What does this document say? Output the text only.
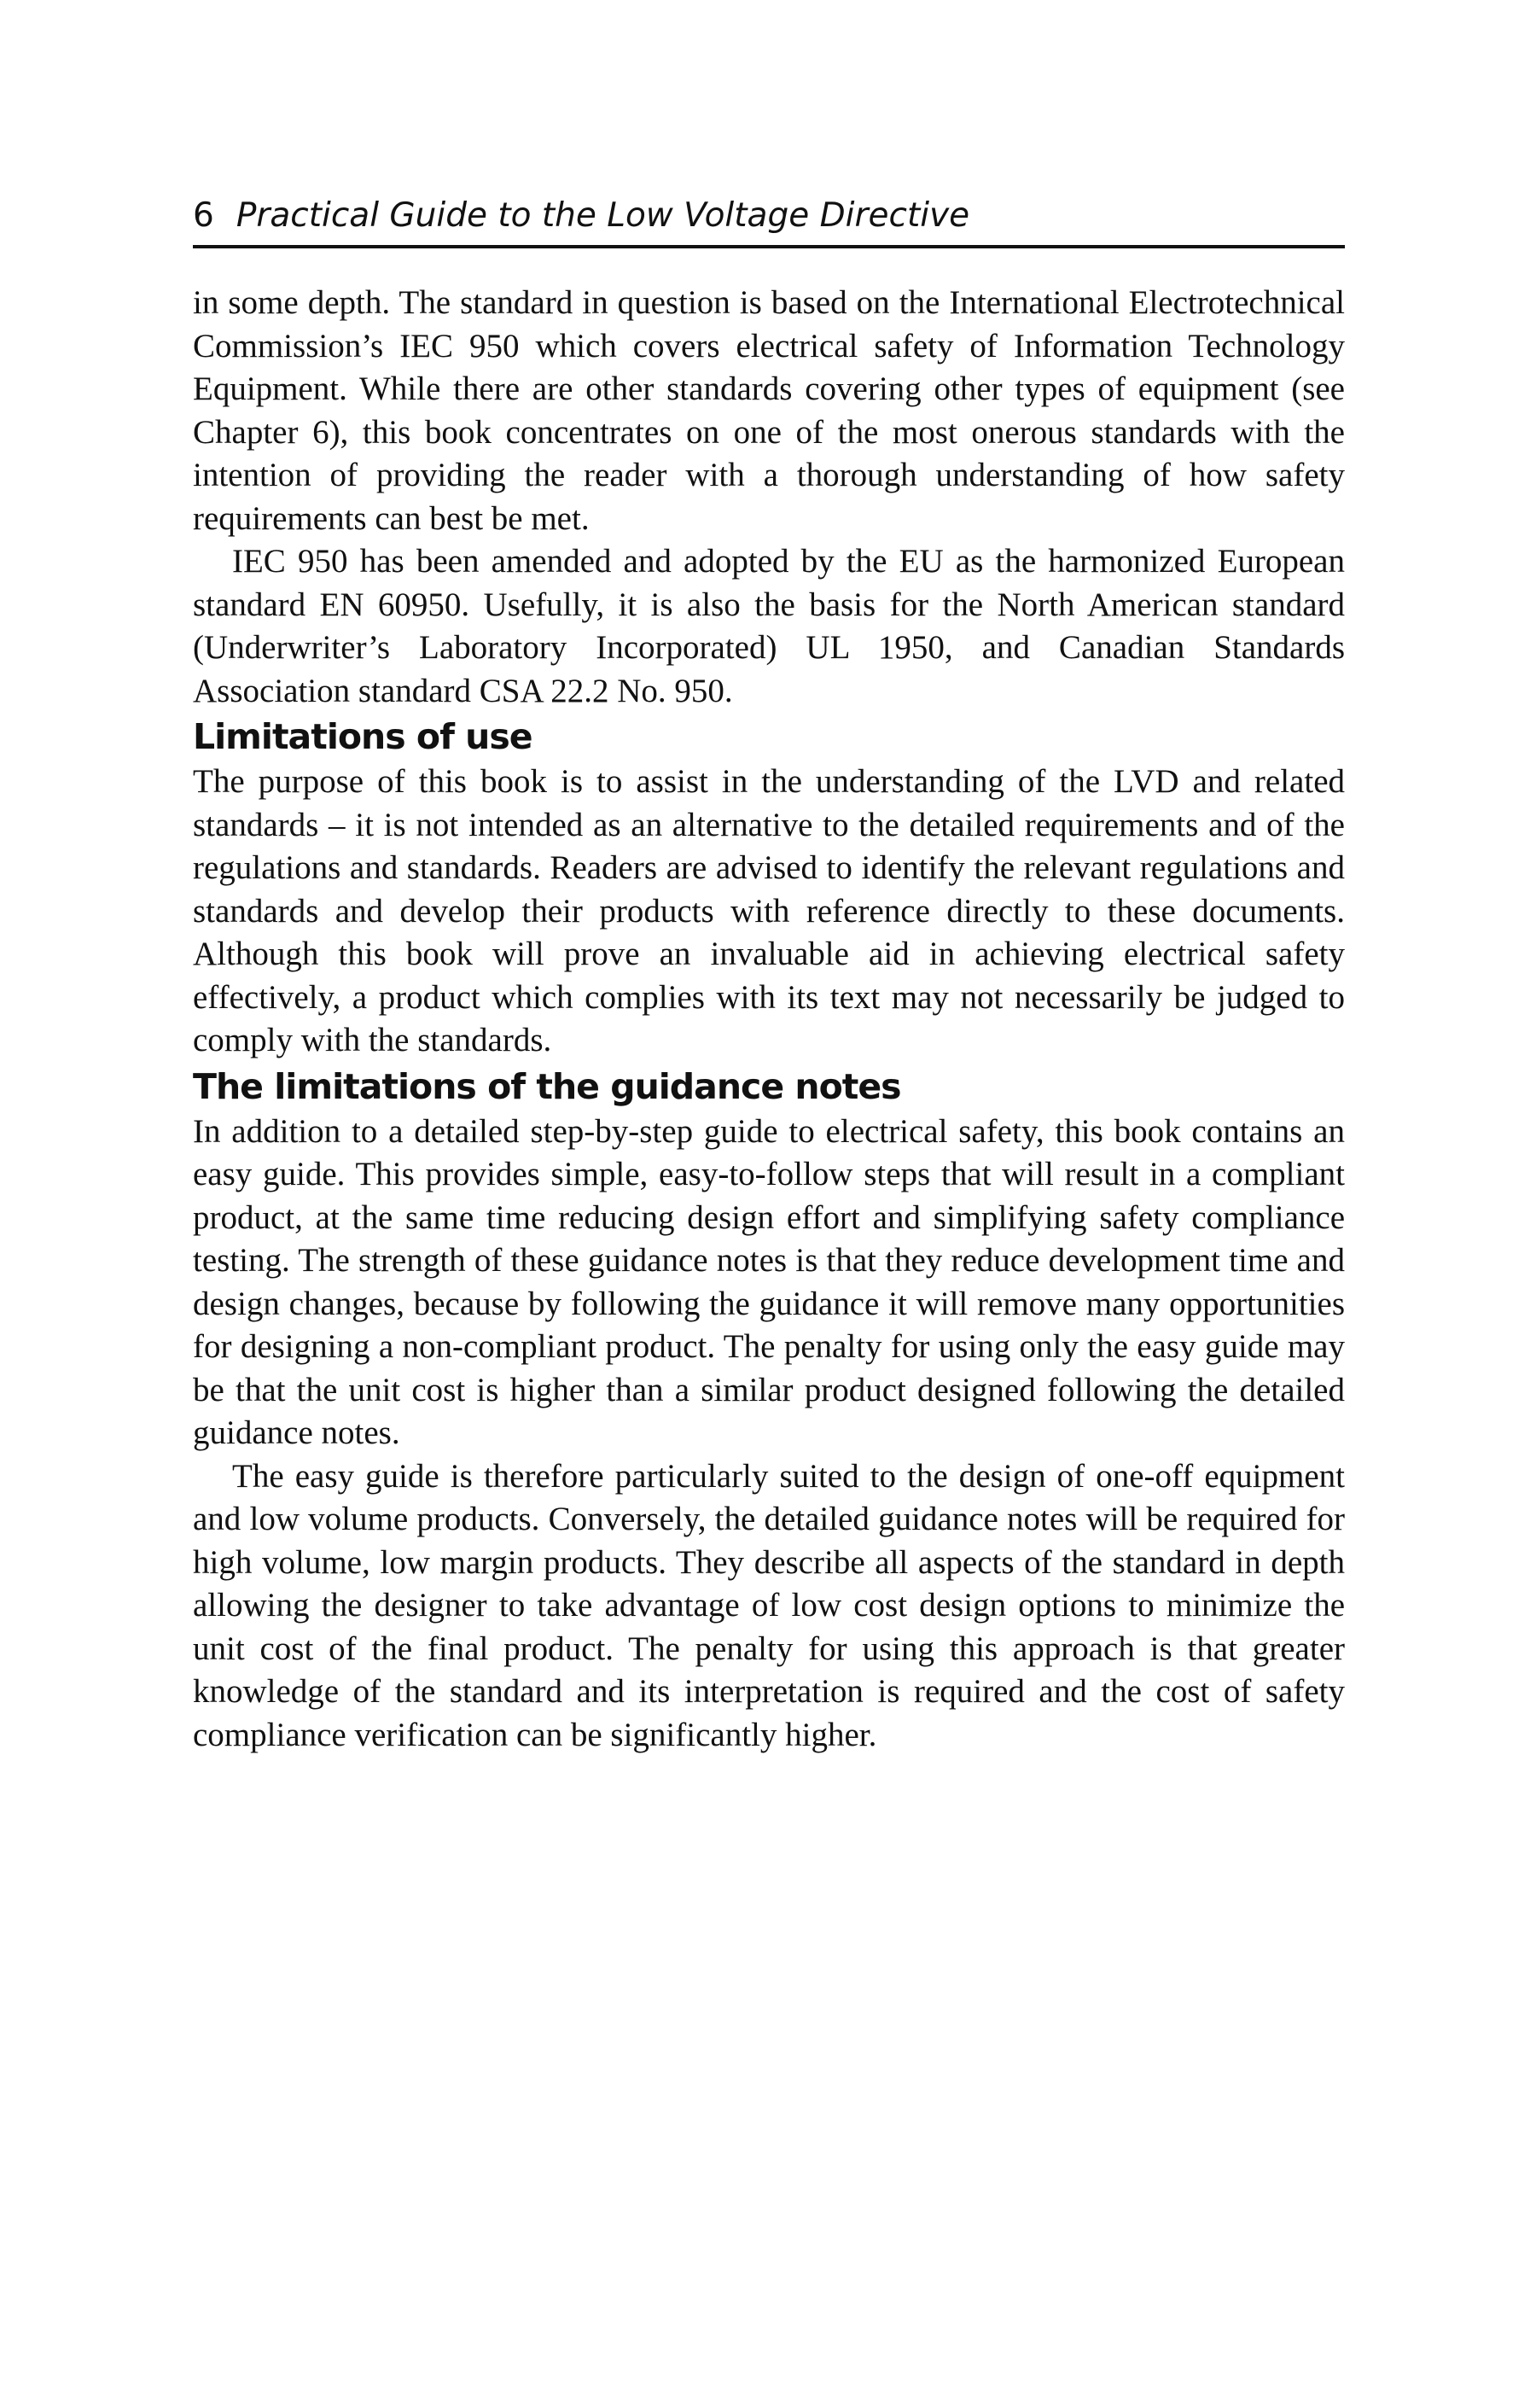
6 Practical Guide to the Low Voltage Directive

in some depth. The standard in question is based on the International Electrotechnical Commission’s IEC 950 which covers electrical safety of Information Technology Equipment. While there are other standards covering other types of equipment (see Chapter 6), this book concentrates on one of the most onerous standards with the intention of providing the reader with a thorough understanding of how safety requirements can best be met.

IEC 950 has been amended and adopted by the EU as the harmonized European standard EN 60950. Usefully, it is also the basis for the North American standard (Underwriter’s Laboratory Incorporated) UL 1950, and Canadian Standards Association standard CSA 22.2 No. 950.

Limitations of use

The purpose of this book is to assist in the understanding of the LVD and related standards – it is not intended as an alternative to the detailed requirements and of the regulations and standards. Readers are advised to identify the relevant regulations and standards and develop their products with reference directly to these documents. Although this book will prove an invaluable aid in achieving electrical safety effectively, a product which complies with its text may not necessarily be judged to comply with the standards.

The limitations of the guidance notes

In addition to a detailed step-by-step guide to electrical safety, this book contains an easy guide. This provides simple, easy-to-follow steps that will result in a compliant product, at the same time reducing design effort and simplifying safety compliance testing. The strength of these guidance notes is that they reduce development time and design changes, because by following the guidance it will remove many opportunities for designing a non-compliant product. The penalty for using only the easy guide may be that the unit cost is higher than a similar product designed following the detailed guidance notes.

The easy guide is therefore particularly suited to the design of one-off equipment and low volume products. Conversely, the detailed guidance notes will be required for high volume, low margin products. They describe all aspects of the standard in depth allowing the designer to take advantage of low cost design options to minimize the unit cost of the final product. The penalty for using this approach is that greater knowledge of the standard and its interpretation is required and the cost of safety compliance verification can be significantly higher.
